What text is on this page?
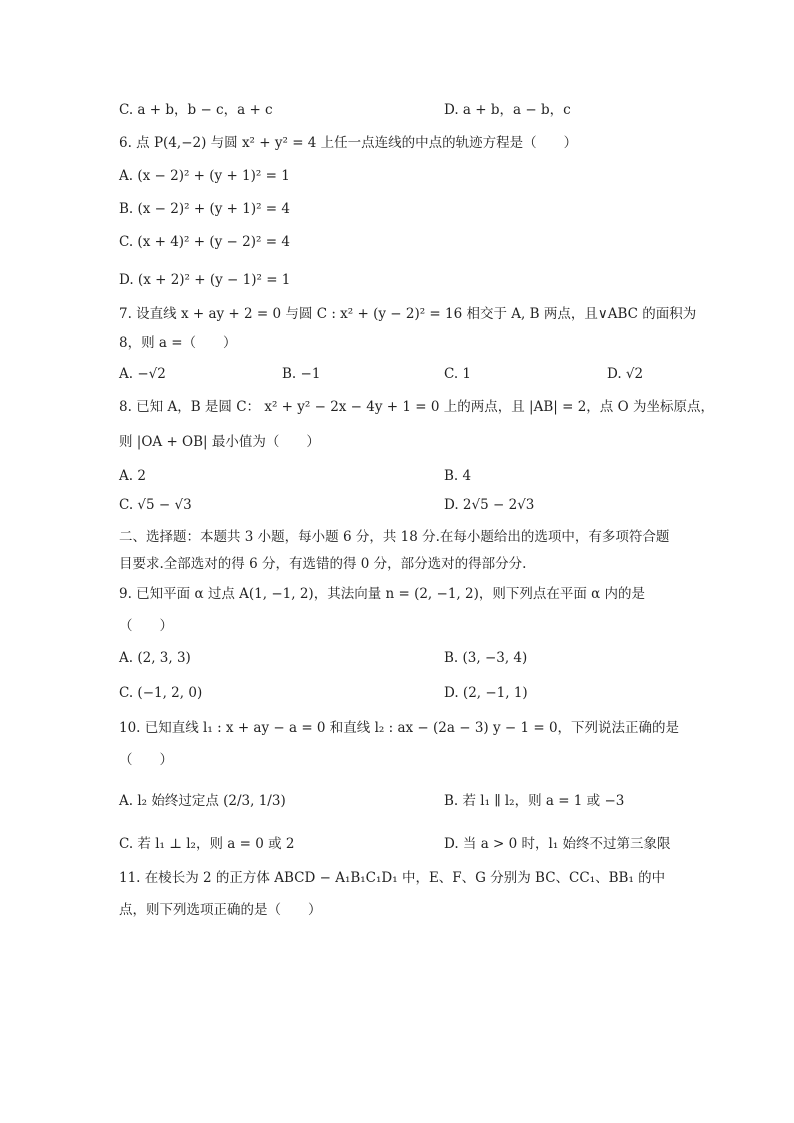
C. a + b，b − c，a + c	D. a + b，a − b，c
6. 点 P(4,−2) 与圆 x² + y² = 4 上任一点连线的中点的轨迹方程是（　　）
A. (x − 2)² + (y + 1)² = 1
B. (x − 2)² + (y + 1)² = 4
C. (x + 4)² + (y − 2)² = 4
D. (x + 2)² + (y − 1)² = 1
7. 设直线 x + ay + 2 = 0 与圆 C : x² + (y − 2)² = 16 相交于 A, B 两点，且∨ABC 的面积为
8，则 a =（　　）
A. −√2	B. −1	C. 1	D. √2
8. 已知 A，B 是圆 C： x² + y² − 2x − 4y + 1 = 0 上的两点，且 |AB| = 2，点 O 为坐标原点，
则 |OA + OB| 最小值为（　　）
A. 2	B. 4
C. √5 − √3	D. 2√5 − 2√3
二、选择题：本题共 3 小题，每小题 6 分，共 18 分.在每小题给出的选项中，有多项符合题
目要求.全部选对的得 6 分，有选错的得 0 分，部分选对的得部分分.
9. 已知平面 α 过点 A(1, −1, 2)，其法向量 n = (2, −1, 2)，则下列点在平面 α 内的是
（　　）
A. (2, 3, 3)	B. (3, −3, 4)
C. (−1, 2, 0)	D. (2, −1, 1)
10. 已知直线 l₁ : x + ay − a = 0 和直线 l₂ : ax − (2a − 3) y − 1 = 0，下列说法正确的是
（　　）
A. l₂ 始终过定点 (2/3, 1/3)	B. 若 l₁ ∥ l₂，则 a = 1 或 −3
C. 若 l₁ ⊥ l₂，则 a = 0 或 2	D. 当 a > 0 时，l₁ 始终不过第三象限
11. 在棱长为 2 的正方体 ABCD − A₁B₁C₁D₁ 中，E、F、G 分别为 BC、CC₁、BB₁ 的中
点，则下列选项正确的是（　　）
